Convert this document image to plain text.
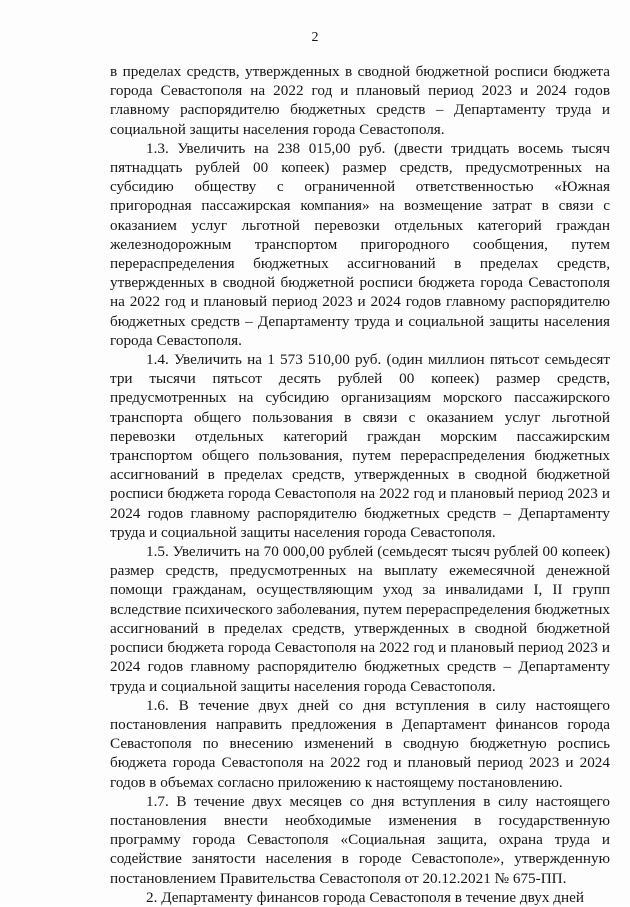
2

в пределах средств, утвержденных в сводной бюджетной росписи бюджета города Севастополя на 2022 год и плановый период 2023 и 2024 годов главному распорядителю бюджетных средств – Департаменту труда и социальной защиты населения города Севастополя.

1.3. Увеличить на 238 015,00 руб. (двести тридцать восемь тысяч пятнадцать рублей 00 копеек) размер средств, предусмотренных на субсидию обществу с ограниченной ответственностью «Южная пригородная пассажирская компания» на возмещение затрат в связи с оказанием услуг льготной перевозки отдельных категорий граждан железнодорожным транспортом пригородного сообщения, путем перераспределения бюджетных ассигнований в пределах средств, утвержденных в сводной бюджетной росписи бюджета города Севастополя на 2022 год и плановый период 2023 и 2024 годов главному распорядителю бюджетных средств – Департаменту труда и социальной защиты населения города Севастополя.

1.4. Увеличить на 1 573 510,00 руб. (один миллион пятьсот семьдесят три тысячи пятьсот десять рублей 00 копеек) размер средств, предусмотренных на субсидию организациям морского пассажирского транспорта общего пользования в связи с оказанием услуг льготной перевозки отдельных категорий граждан морским пассажирским транспортом общего пользования, путем перераспределения бюджетных ассигнований в пределах средств, утвержденных в сводной бюджетной росписи бюджета города Севастополя на 2022 год и плановый период 2023 и 2024 годов главному распорядителю бюджетных средств – Департаменту труда и социальной защиты населения города Севастополя.

1.5. Увеличить на 70 000,00 рублей (семьдесят тысяч рублей 00 копеек) размер средств, предусмотренных на выплату ежемесячной денежной помощи гражданам, осуществляющим уход за инвалидами I, II групп вследствие психического заболевания, путем перераспределения бюджетных ассигнований в пределах средств, утвержденных в сводной бюджетной росписи бюджета города Севастополя на 2022 год и плановый период 2023 и 2024 годов главному распорядителю бюджетных средств – Департаменту труда и социальной защиты населения города Севастополя.

1.6. В течение двух дней со дня вступления в силу настоящего постановления направить предложения в Департамент финансов города Севастополя по внесению изменений в сводную бюджетную роспись бюджета города Севастополя на 2022 год и плановый период 2023 и 2024 годов в объемах согласно приложению к настоящему постановлению.

1.7. В течение двух месяцев со дня вступления в силу настоящего постановления внести необходимые изменения в государственную программу города Севастополя «Социальная защита, охрана труда и содействие занятости населения в городе Севастополе», утвержденную постановлением Правительства Севастополя от 20.12.2021 № 675-ПП.

2. Департаменту финансов города Севастополя в течение двух дней
